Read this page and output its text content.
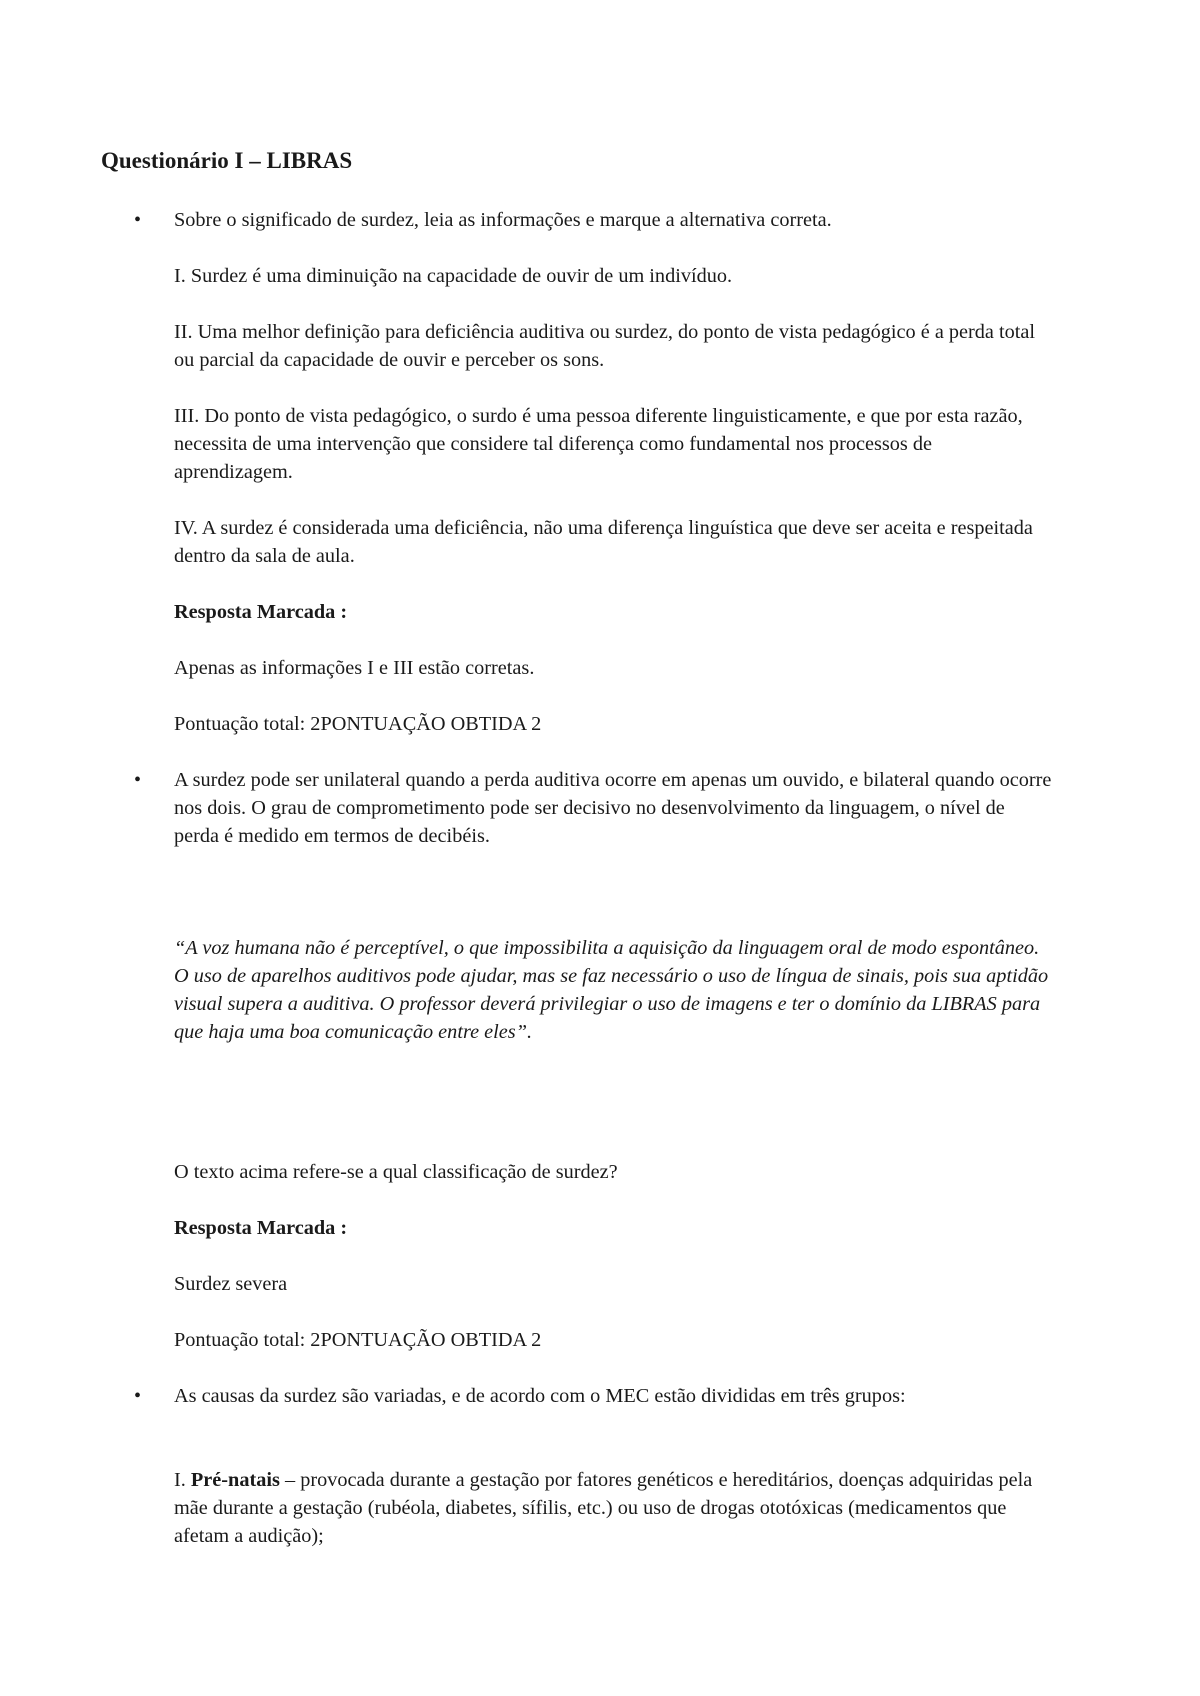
Questionário I – LIBRAS
• Sobre o significado de surdez, leia as informações e marque a alternativa correta.

I. Surdez é uma diminuição na capacidade de ouvir de um indivíduo.

II. Uma melhor definição para deficiência auditiva ou surdez, do ponto de vista pedagógico é a perda total ou parcial da capacidade de ouvir e perceber os sons.

III. Do ponto de vista pedagógico, o surdo é uma pessoa diferente linguisticamente, e que por esta razão, necessita de uma intervenção que considere tal diferença como fundamental nos processos de aprendizagem.

IV. A surdez é considerada uma deficiência, não uma diferença linguística que deve ser aceita e respeitada dentro da sala de aula.

Resposta Marcada :

Apenas as informações I e III estão corretas.

Pontuação total: 2PONTUAÇÃO OBTIDA 2

• A surdez pode ser unilateral quando a perda auditiva ocorre em apenas um ouvido, e bilateral quando ocorre nos dois. O grau de comprometimento pode ser decisivo no desenvolvimento da linguagem, o nível de perda é medido em termos de decibéis.

“A voz humana não é perceptível, o que impossibilita a aquisição da linguagem oral de modo espontâneo. O uso de aparelhos auditivos pode ajudar, mas se faz necessário o uso de língua de sinais, pois sua aptidão visual supera a auditiva. O professor deverá privilegiar o uso de imagens e ter o domínio da LIBRAS para que haja uma boa comunicação entre eles”.

O texto acima refere-se a qual classificação de surdez?

Resposta Marcada :

Surdez severa

Pontuação total: 2PONTUAÇÃO OBTIDA 2

• As causas da surdez são variadas, e de acordo com o MEC estão divididas em três grupos:

I. Pré-natais – provocada durante a gestação por fatores genéticos e hereditários, doenças adquiridas pela mãe durante a gestação (rubéola, diabetes, sífilis, etc.) ou uso de drogas ototóxicas (medicamentos que afetam a audição);
